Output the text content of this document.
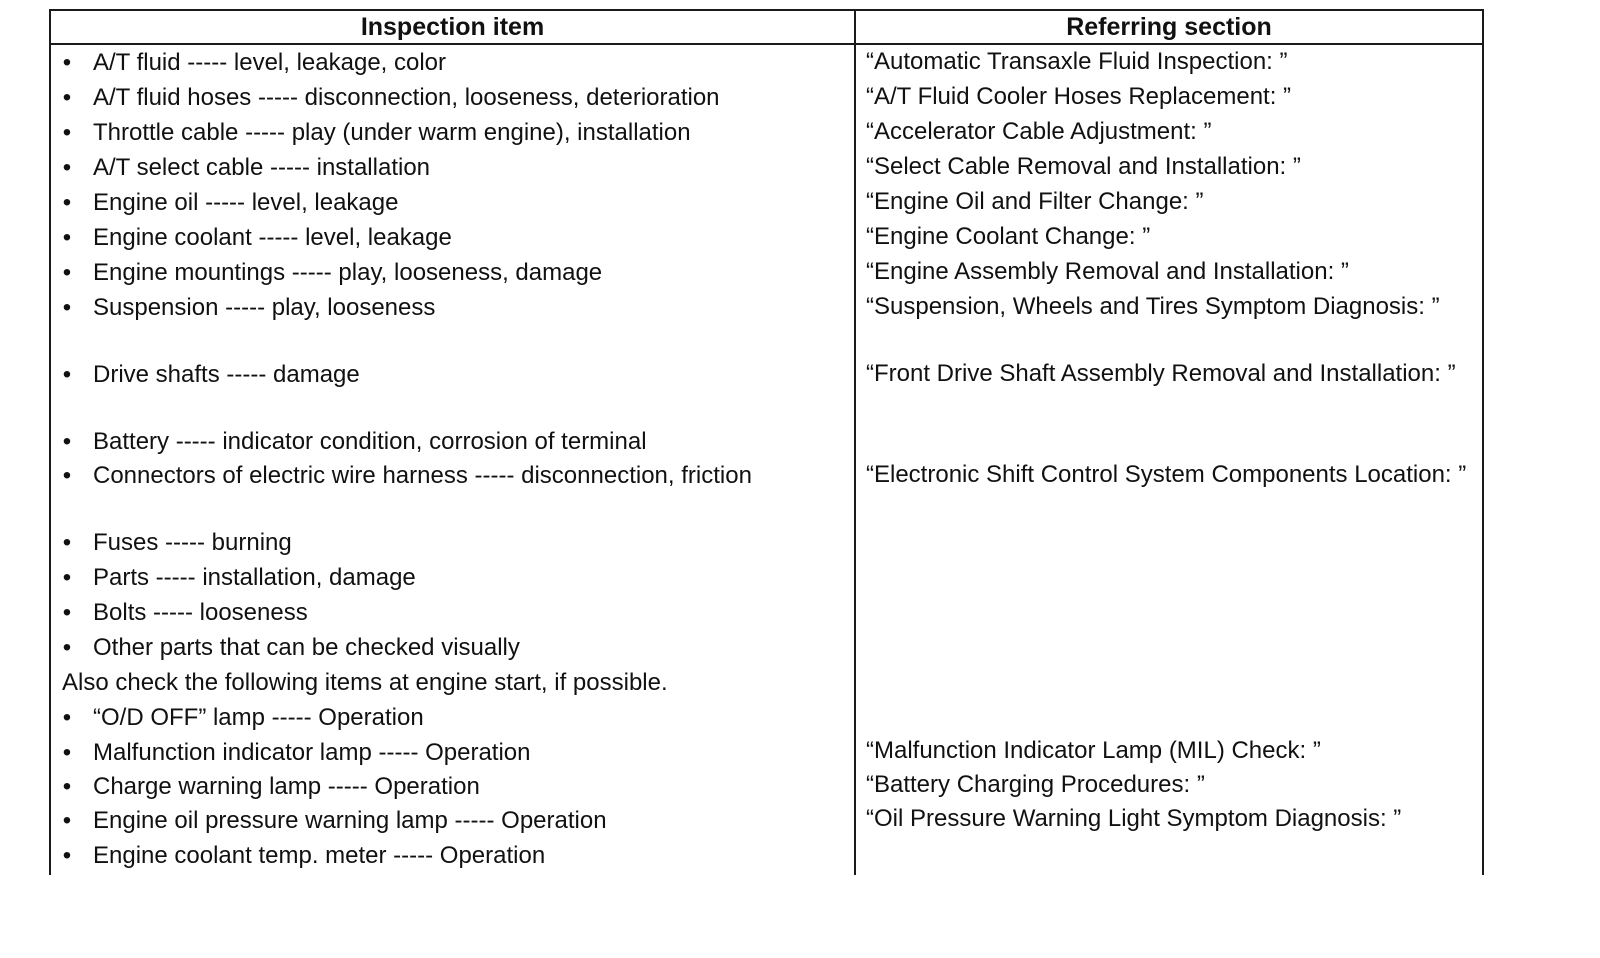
Inspection item	Referring section
• A/T fluid ----- level, leakage, color
• A/T fluid hoses ----- disconnection, looseness, deterioration
• Throttle cable ----- play (under warm engine), installation
• A/T select cable ----- installation
• Engine oil ----- level, leakage
• Engine coolant ----- level, leakage
• Engine mountings ----- play, looseness, damage
• Suspension ----- play, looseness
• Drive shafts ----- damage
• Battery ----- indicator condition, corrosion of terminal
• Connectors of electric wire harness ----- disconnection, friction
• Fuses ----- burning
• Parts ----- installation, damage
• Bolts ----- looseness
• Other parts that can be checked visually
Also check the following items at engine start, if possible.
• “O/D OFF” lamp ----- Operation
• Malfunction indicator lamp ----- Operation
• Charge warning lamp ----- Operation
• Engine oil pressure warning lamp ----- Operation
• Engine coolant temp. meter ----- Operation
“Automatic Transaxle Fluid Inspection: ”
“A/T Fluid Cooler Hoses Replacement: ”
“Accelerator Cable Adjustment: ”
“Select Cable Removal and Installation: ”
“Engine Oil and Filter Change: ”
“Engine Coolant Change: ”
“Engine Assembly Removal and Installation: ”
“Suspension, Wheels and Tires Symptom Diagnosis: ”
“Front Drive Shaft Assembly Removal and Installation: ”
“Electronic Shift Control System Components Location: ”
“Malfunction Indicator Lamp (MIL) Check: ”
“Battery Charging Procedures: ”
“Oil Pressure Warning Light Symptom Diagnosis: ”
